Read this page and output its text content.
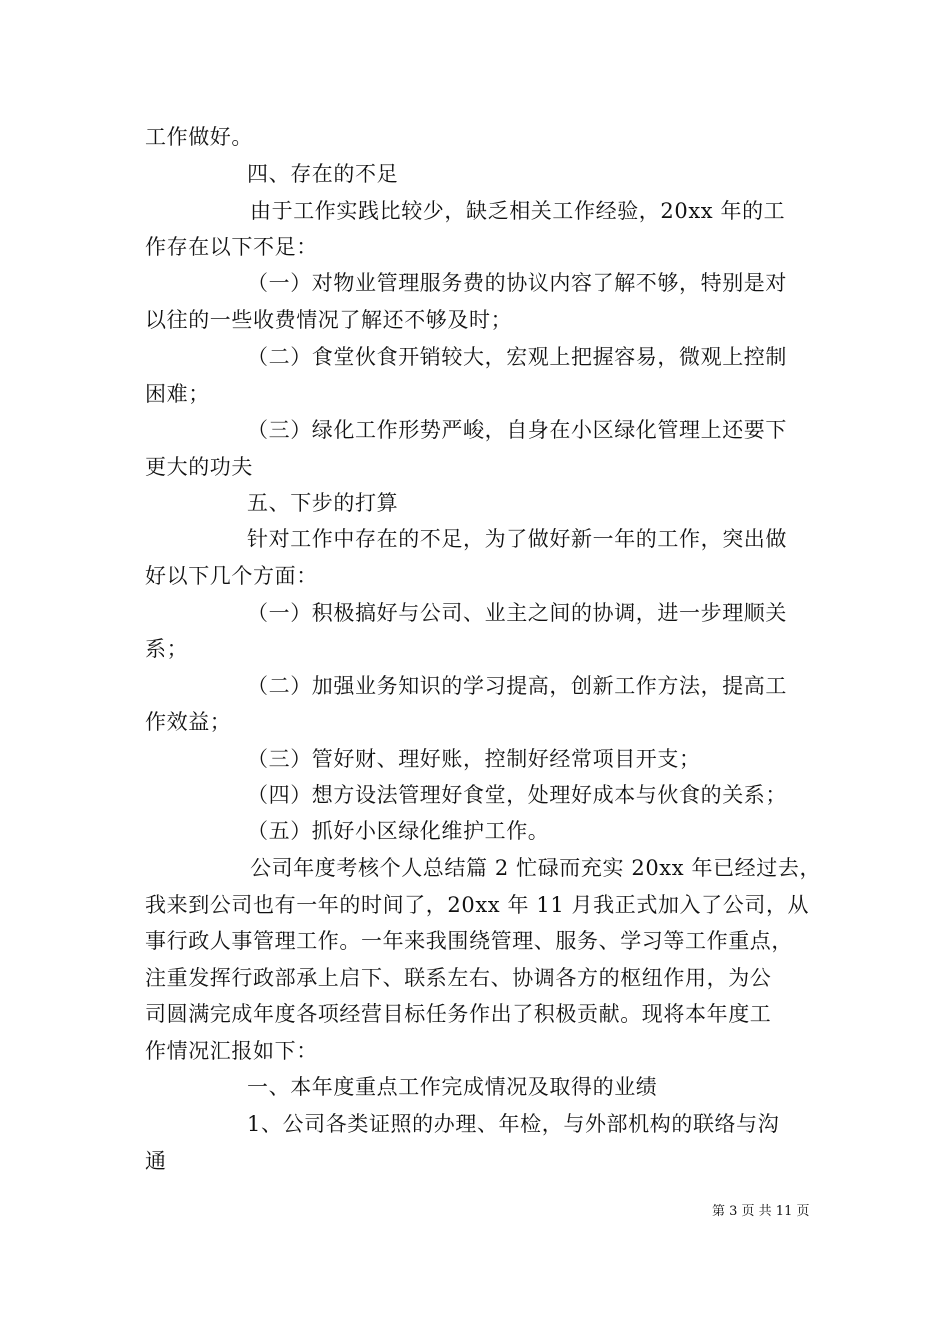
工作做好。
四、存在的不足
由于工作实践比较少，缺乏相关工作经验，20xx 年的工
作存在以下不足：
（一）对物业管理服务费的协议内容了解不够，特别是对
以往的一些收费情况了解还不够及时；
（二）食堂伙食开销较大，宏观上把握容易，微观上控制
困难；
（三）绿化工作形势严峻，自身在小区绿化管理上还要下
更大的功夫
五、下步的打算
针对工作中存在的不足，为了做好新一年的工作，突出做
好以下几个方面：
（一）积极搞好与公司、业主之间的协调，进一步理顺关
系；
（二）加强业务知识的学习提高，创新工作方法，提高工
作效益；
（三）管好财、理好账，控制好经常项目开支；
（四）想方设法管理好食堂，处理好成本与伙食的关系；
（五）抓好小区绿化维护工作。
公司年度考核个人总结篇 2 忙碌而充实 20xx 年已经过去，
我来到公司也有一年的时间了，20xx 年 11 月我正式加入了公司，从
事行政人事管理工作。一年来我围绕管理、服务、学习等工作重点，
注重发挥行政部承上启下、联系左右、协调各方的枢纽作用，为公
司圆满完成年度各项经营目标任务作出了积极贡献。现将本年度工
作情况汇报如下：
一、本年度重点工作完成情况及取得的业绩
1、公司各类证照的办理、年检，与外部机构的联络与沟
通
第 3 页 共 11 页
